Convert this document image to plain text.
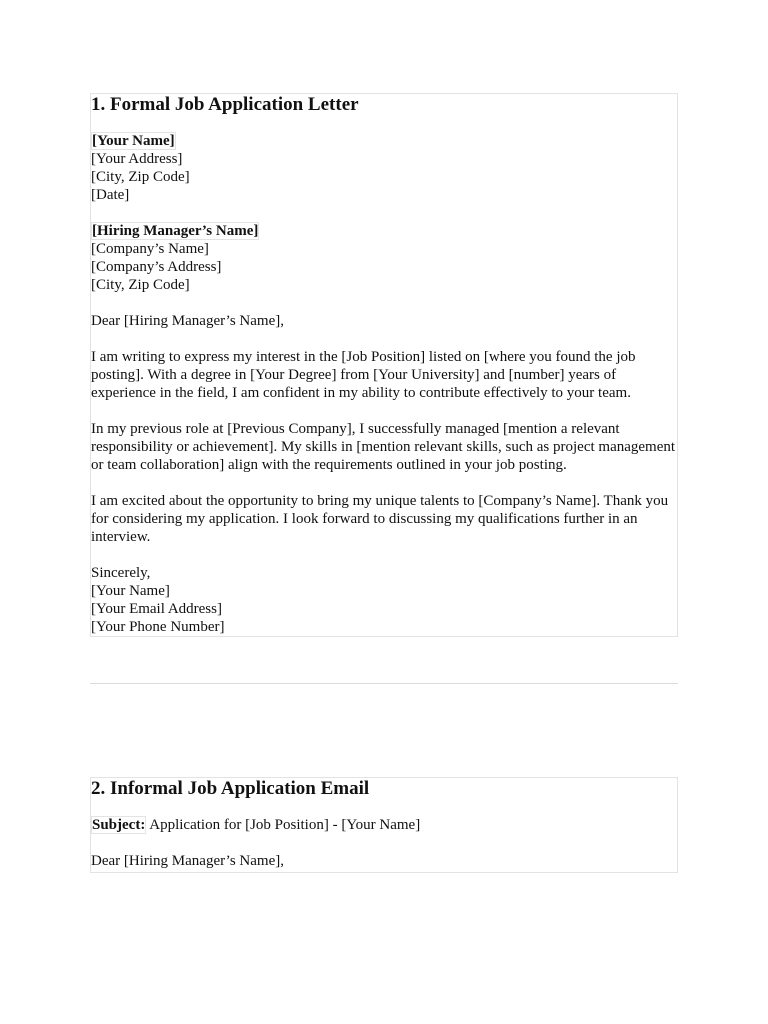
1. Formal Job Application Letter
[Your Name]
[Your Address]
[City, Zip Code]
[Date]
[Hiring Manager’s Name]
[Company’s Name]
[Company’s Address]
[City, Zip Code]

Dear [Hiring Manager’s Name],

I am writing to express my interest in the [Job Position] listed on [where you found the job
posting]. With a degree in [Your Degree] from [Your University] and [number] years of
experience in the field, I am confident in my ability to contribute effectively to your team.

In my previous role at [Previous Company], I successfully managed [mention a relevant
responsibility or achievement]. My skills in [mention relevant skills, such as project management
or team collaboration] align with the requirements outlined in your job posting.

I am excited about the opportunity to bring my unique talents to [Company’s Name]. Thank you
for considering my application. I look forward to discussing my qualifications further in an
interview.

Sincerely,
[Your Name]
[Your Email Address]
[Your Phone Number]
2. Informal Job Application Email
Subject: Application for [Job Position] - [Your Name]

Dear [Hiring Manager’s Name],
